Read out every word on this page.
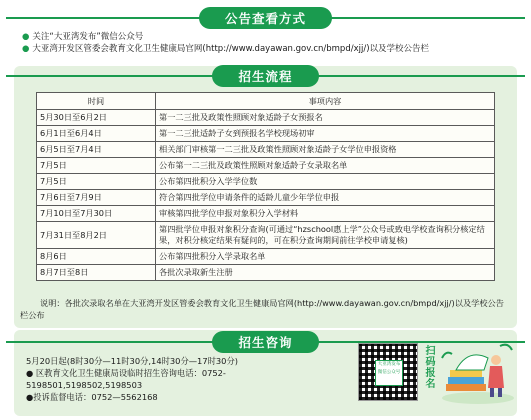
公告查看方式
● 关注“大亚湾发布”微信公众号
● 大亚湾开发区管委会教育文化卫生健康局官网(http://www.dayawan.gov.cn/bmpd/xjj/)以及学校公告栏
招生流程
时间	事项内容
5月30日至6月2日	第一二三批及政策性照顾对象适龄子女预报名
6月1日至6月4日	第一二三批适龄子女到预报名学校现场初审
6月5日至7月4日	相关部门审核第一二三批及政策性照顾对象适龄子女学位申报资格
7月5日	公布第一二三批及政策性照顾对象适龄子女录取名单
7月5日	公布第四批积分入学学位数
7月6日至7月9日	符合第四批学位申请条件的适龄儿童少年学位申报
7月10日至7月30日	审核第四批学位申报对象积分入学材料
7月31日至8月2日	第四批学位申报对象积分查询(可通过“hzschool惠上学”公众号或致电学校查询积分核定结果，对积分核定结果有疑问的，可在积分查询期间前往学校申请复核)
8月6日	公布第四批积分入学录取名单
8月7日至8日	各批次录取新生注册
说明：各批次录取名单在大亚湾开发区管委会教育文化卫生健康局官网(http://www.dayawan.gov.cn/bmpd/xjj/)以及学校公告栏公布
招生咨询
5月20日起(8时30分—11时30分,14时30分—17时30分)
● 区教育文化卫生健康局设临时招生咨询电话：0752-
5198501,5198502,5198503
●投诉监督电话：0752—5562168
大亚湾发布微信公众号 扫码报名
